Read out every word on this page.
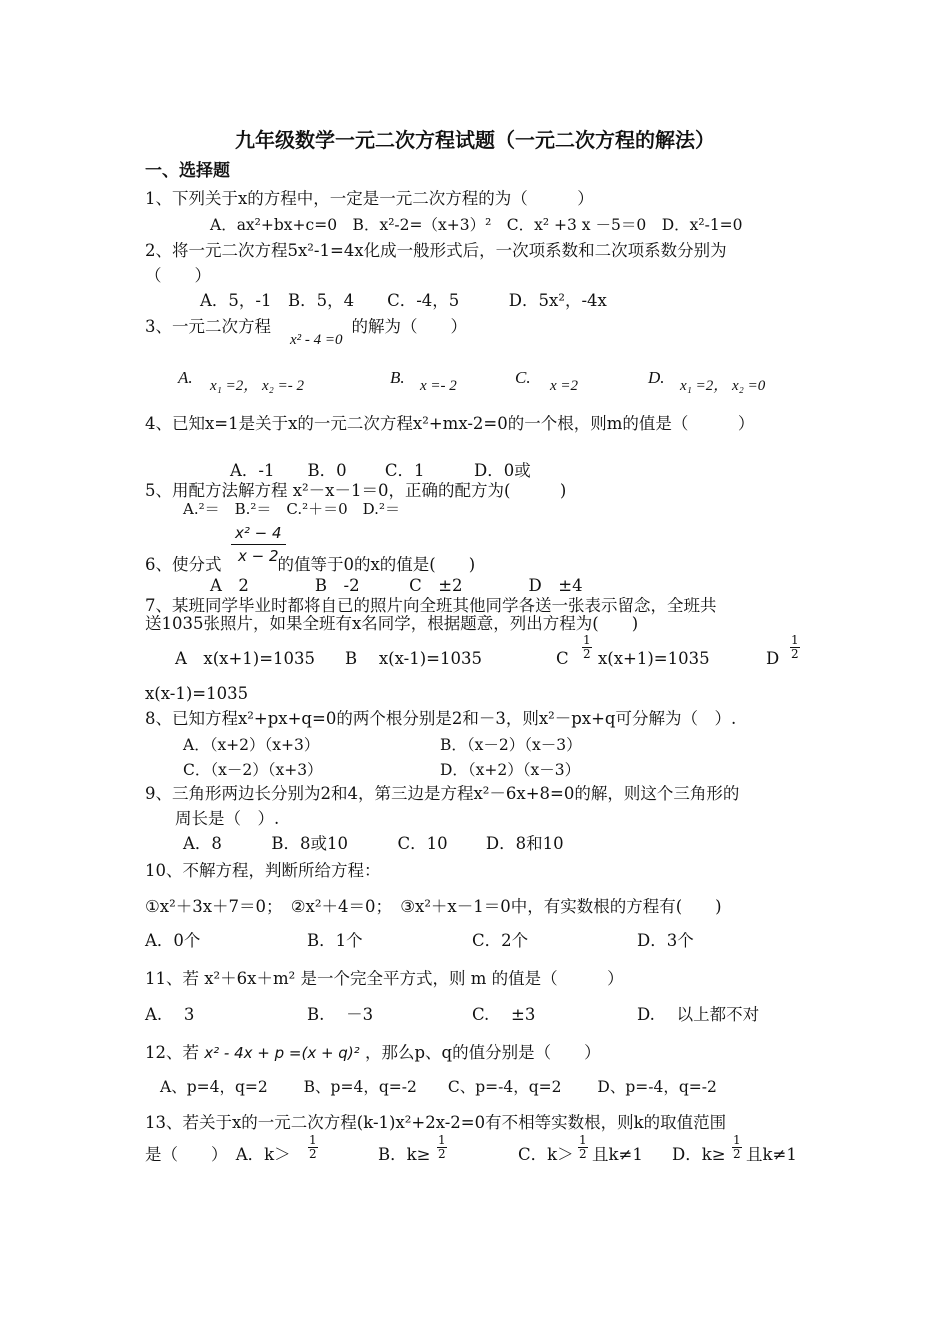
九年级数学一元二次方程试题（一元二次方程的解法）
一、选择题
1、下列关于x的方程中，一定是一元二次方程的为（　　　）
A．ax²+bx+c=0　B．x²-2=（x+3）²　C．x² +3 x －5＝0　D．x²-1=0
2、将一元二次方程5x²-1=4x化成一般形式后，一次项系数和二次项系数分别为
（　　）
A．5，-1　B．5，4　　C．-4，5　　　D．5x²，-4x
3、一元二次方程	的解为（　　）
x² - 4 =0
A. x₁ =2， x₂ =- 2	B. x =- 2	C. x =2	D. x₁ =2， x₂ =0
4、已知x=1是关于x的一元二次方程x²+mx-2=0的一个根，则m的值是（　　　）
A．-1　　B．0　　 C．1　　　D．0或
5、用配方法解方程 x²－x－1＝0，正确的配方为(　　　)
A.²＝　B.²＝　C.²＋＝0　D.²＝
$\frac{\text{x² − 4}}{x - 2}$
6、使分式	的值等于0的x的值是(　　)
A　2　　　　B　-2　　　C　±2　　　　D　±4
7、某班同学毕业时都将自已的照片向全班其他同学各送一张表示留念，全班共
送1035张照片，如果全班有x名同学，根据题意，列出方程为(　　)
A　x(x+1)=1035 B　 x(x-1)=1035	C $\frac{1}{2} x(x+1)=1035$	D $\frac{1}{2}$
x(x-1)=1035
8、已知方程x²+px+q=0的两个根分别是2和－3，则x²－px+q可分解为（　）.
A．（x+2）（x+3）	B．（x－2）（x－3）
C．（x－2）（x+3）	D．（x+2）（x－3）
9、三角形两边长分别为2和4，第三边是方程x²－6x+8=0的解，则这个三角形的
周长是（　）.
A．8　　　B．8或10　　　C．10　　 D．8和10
10、不解方程，判断所给方程：
①x²＋3x＋7＝0；　②x²＋4＝0；　③x²＋x－1＝0中，有实数根的方程有(　　)
A．0个	B．1个	C．2个	D．3个
11、若 x²＋6x＋m² 是一个完全平方式，则 m 的值是（　　　）
A.　 3	B.　 －3	C.　 ±3	D.　 以上都不对
12、若 x² - 4x + p =(x + q)² ，那么p、q的值分别是（　　）
A、p=4，q=2　　 B、p=4，q=-2　　C、p=-4，q=2　　 D、p=-4，q=-2
13、若关于x的一元二次方程(k-1)x²+2x-2=0有不相等实数根，则k的取值范围
是（　　）　A．$k> \frac{1}{2}$	B．$k\ge \frac{1}{2}$	C．$k> \frac{1}{2}$ 且k≠1 D．$k\ge \frac{1}{2}$ 且k≠1
